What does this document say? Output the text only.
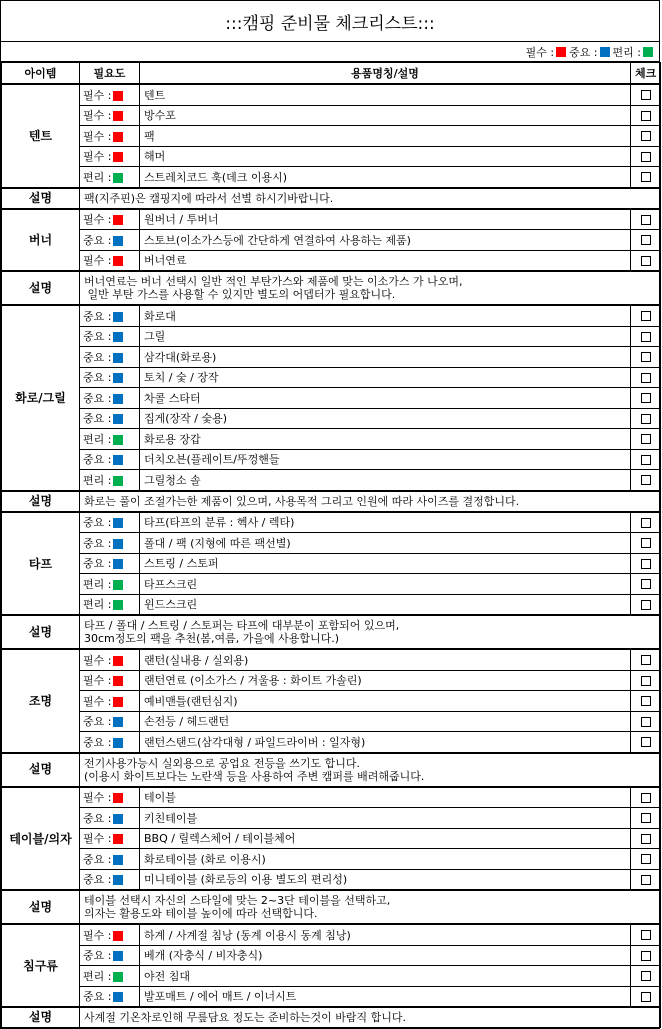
:::캠핑 준비물 체크리스트:::
필수 : 중요 : 편리 :
아이템	필요도	용품명칭/설명	체크
텐트	필수 :	텐트	
	필수 :	방수포	
	필수 :	팩	
	필수 :	해머	
	편리 :	스트레치코드 훅(데크 이용시)	
설명	팩(지주핀)은 캠핑지에 따라서 선별 하시기바랍니다.		

버너	필수 :	원버너 / 투버너	
	중요 :	스토브(이소가스등에 간단하게 연결하여 사용하는 제품)	
	필수 :	버너연료	
설명	버너연료는 버너 선택시 일반 적인 부탄가스와 제품에 맞는 이소가스 가 나오며,
일반 부탄 가스를 사용할 수 있지만 별도의 어뎁터가 필요합니다.		

화로/그릴	중요 :	화로대	
	중요 :	그릴	
	중요 :	삼각대(화로용)	
	중요 :	토치 / 숯 / 장작	
	중요 :	차콜 스타터	
	중요 :	집게(장작 / 숯용)	
	편리 :	화로용 장갑	
	중요 :	더치오븐(플레이트/뚜껑핸들	
	편리 :	그릴청소 솔	
설명	화로는 풀이 조절가는한 제품이 있으며, 사용목적 그리고 인원에 따라 사이즈를 결정합니다.		

타프	중요 :	타프(타프의 분류 : 헥사 / 렉타)	
	중요 :	폴대 / 팩 (지형에 따른 팩선별)	
	중요 :	스트링 / 스토퍼	
	편리 :	타프스크린	
	편리 :	윈드스크린	
설명	타프 / 폴대 / 스트링 / 스토퍼는 타프에 대부분이 포함되어 있으며,
30cm정도의 팩을 추천(봄,여름, 가을에 사용합니다.)		

조명	필수 :	랜턴(실내용 / 실외용)	
	필수 :	랜턴연료 (이소가스 / 겨울용 : 화이트 가솔린)	
	필수 :	예비맨틀(랜턴심지)	
	중요 :	손전등 / 헤드랜턴	
	중요 :	랜턴스탠드(삼각대형 / 파일드라이버 : 일자형)	
설명	전기사용가능시 실외용으로 공업요 전등을 쓰기도 합니다.
(이용시 화이트보다는 노란색 등을 사용하여 주변 캠퍼를 배려해줍니다.		

테이블/의자	필수 :	테이블	
	중요 :	키친테이블	
	필수 :	BBQ / 릴렉스체어 / 테이블체어	
	중요 :	화로테이블 (화로 이용시)	
	중요 :	미니테이블 (화로등의 이용 별도의 편리성)	
설명	테이블 선택시 자신의 스타일에 맞는 2~3단 테이블을 선택하고,
의자는 활용도와 테이블 높이에 따라 선택합니다.		

침구류	필수 :	하계 / 사계절 침낭 (동계 이용시 동계 침낭)	
	중요 :	베개 (자충식 / 비자충식)	
	편리 :	야전 침대	
	중요 :	발포매트 / 에어 매트 / 이너시트	
설명	사계절 기온차로인해 무릎담요 정도는 준비하는것이 바람직 합니다.		
